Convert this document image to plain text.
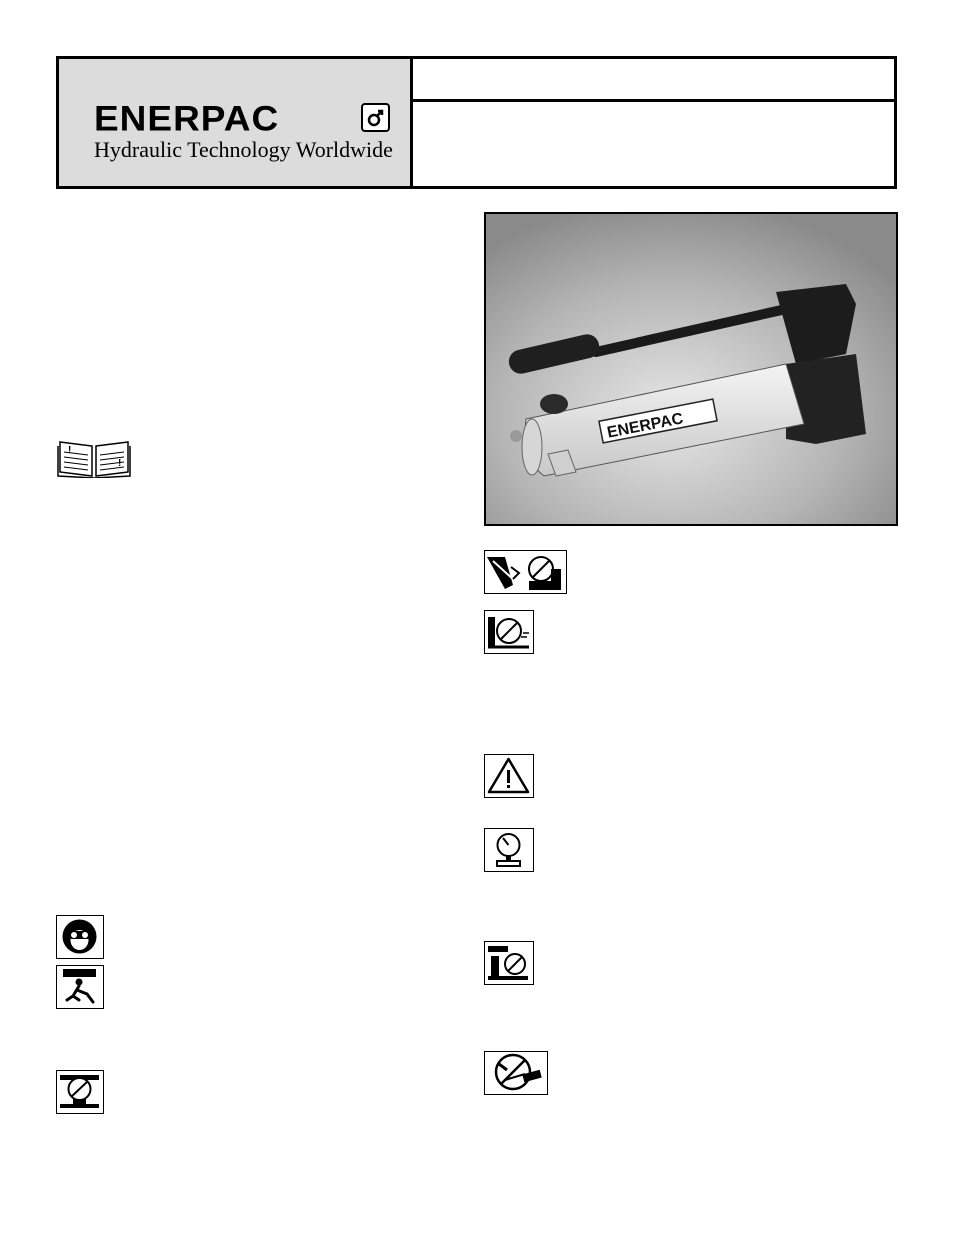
ENERPAC
Hydraulic Technology Worldwide
ENERPAC
!
!
